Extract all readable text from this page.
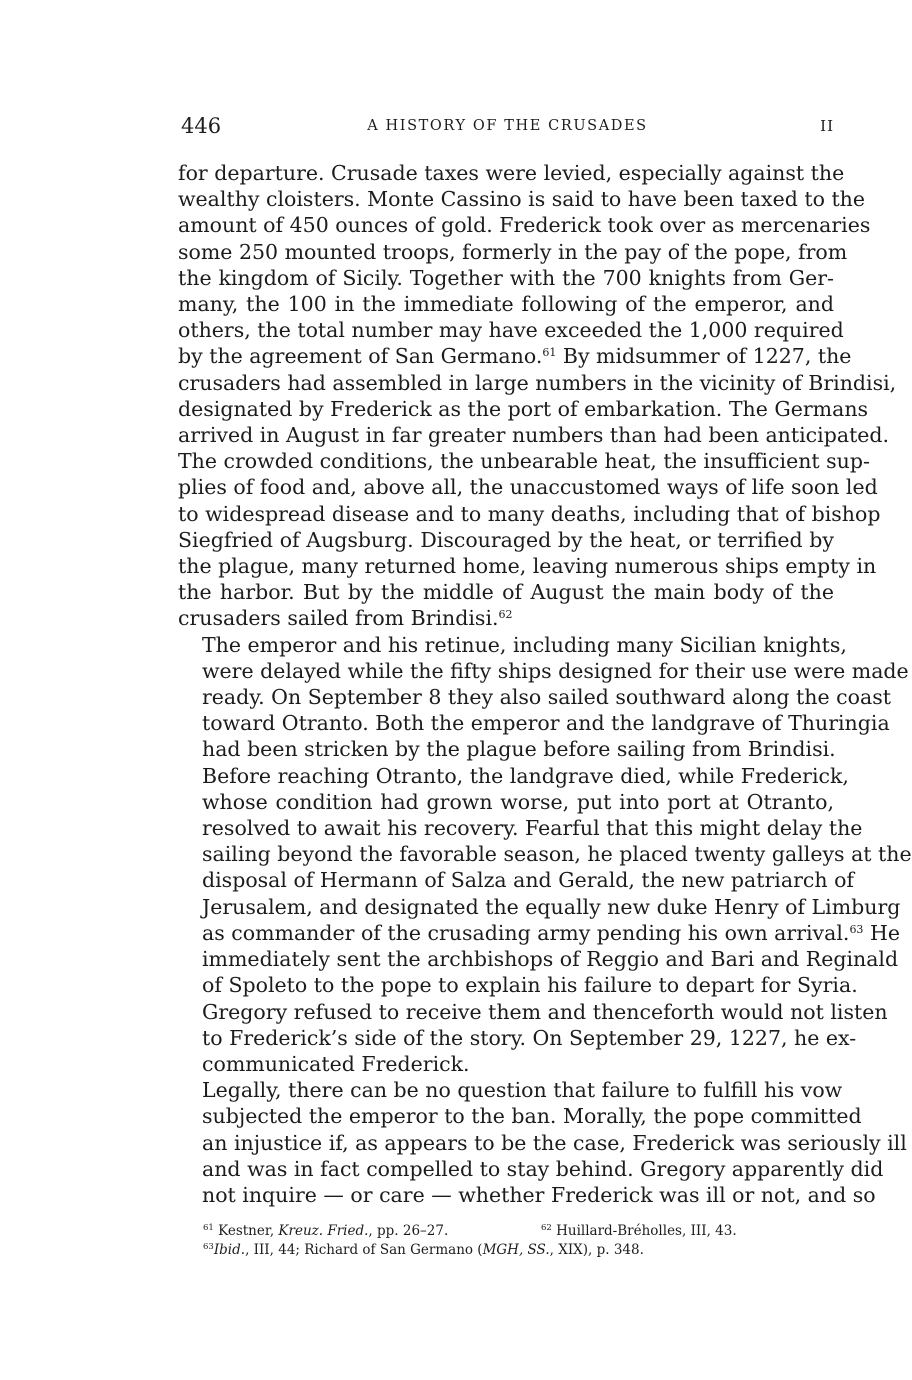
446	A HISTORY OF THE CRUSADES	II

for departure. Crusade taxes were levied, especially against the
wealthy cloisters. Monte Cassino is said to have been taxed to the
amount of 450 ounces of gold. Frederick took over as mercenaries
some 250 mounted troops, formerly in the pay of the pope, from
the kingdom of Sicily. Together with the 700 knights from Ger-
many, the 100 in the immediate following of the emperor, and
others, the total number may have exceeded the 1,000 required
by the agreement of San Germano.$^{61}$ By midsummer of 1227, the
crusaders had assembled in large numbers in the vicinity of Brindisi,
designated by Frederick as the port of embarkation. The Germans
arrived in August in far greater numbers than had been anticipated.
The crowded conditions, the unbearable heat, the insufficient sup-
plies of food and, above all, the unaccustomed ways of life soon led
to widespread disease and to many deaths, including that of bishop
Siegfried of Augsburg. Discouraged by the heat, or terrified by
the plague, many returned home, leaving numerous ships empty in
the harbor. But by the middle of August the main body of the
crusaders sailed from Brindisi.$^{62}$

The emperor and his retinue, including many Sicilian knights,
were delayed while the fifty ships designed for their use were made
ready. On September 8 they also sailed southward along the coast
toward Otranto. Both the emperor and the landgrave of Thuringia
had been stricken by the plague before sailing from Brindisi.
Before reaching Otranto, the landgrave died, while Frederick,
whose condition had grown worse, put into port at Otranto,
resolved to await his recovery. Fearful that this might delay the
sailing beyond the favorable season, he placed twenty galleys at the
disposal of Hermann of Salza and Gerald, the new patriarch of
Jerusalem, and designated the equally new duke Henry of Limburg
as commander of the crusading army pending his own arrival.$^{63}$ He
immediately sent the archbishops of Reggio and Bari and Reginald
of Spoleto to the pope to explain his failure to depart for Syria.
Gregory refused to receive them and thenceforth would not listen
to Frederick’s side of the story. On September 29, 1227, he ex-
communicated Frederick.

Legally, there can be no question that failure to fulfill his vow
subjected the emperor to the ban. Morally, the pope committed
an injustice if, as appears to be the case, Frederick was seriously ill
and was in fact compelled to stay behind. Gregory apparently did
not inquire — or care — whether Frederick was ill or not, and so

$^{61}$ Kestner, Kreuz. Fried., pp. 26–27.	$^{62}$ Huillard-Bréholles, III, 43.
$^{63}$Ibid., III, 44; Richard of San Germano (MGH, SS., XIX), p. 348.
